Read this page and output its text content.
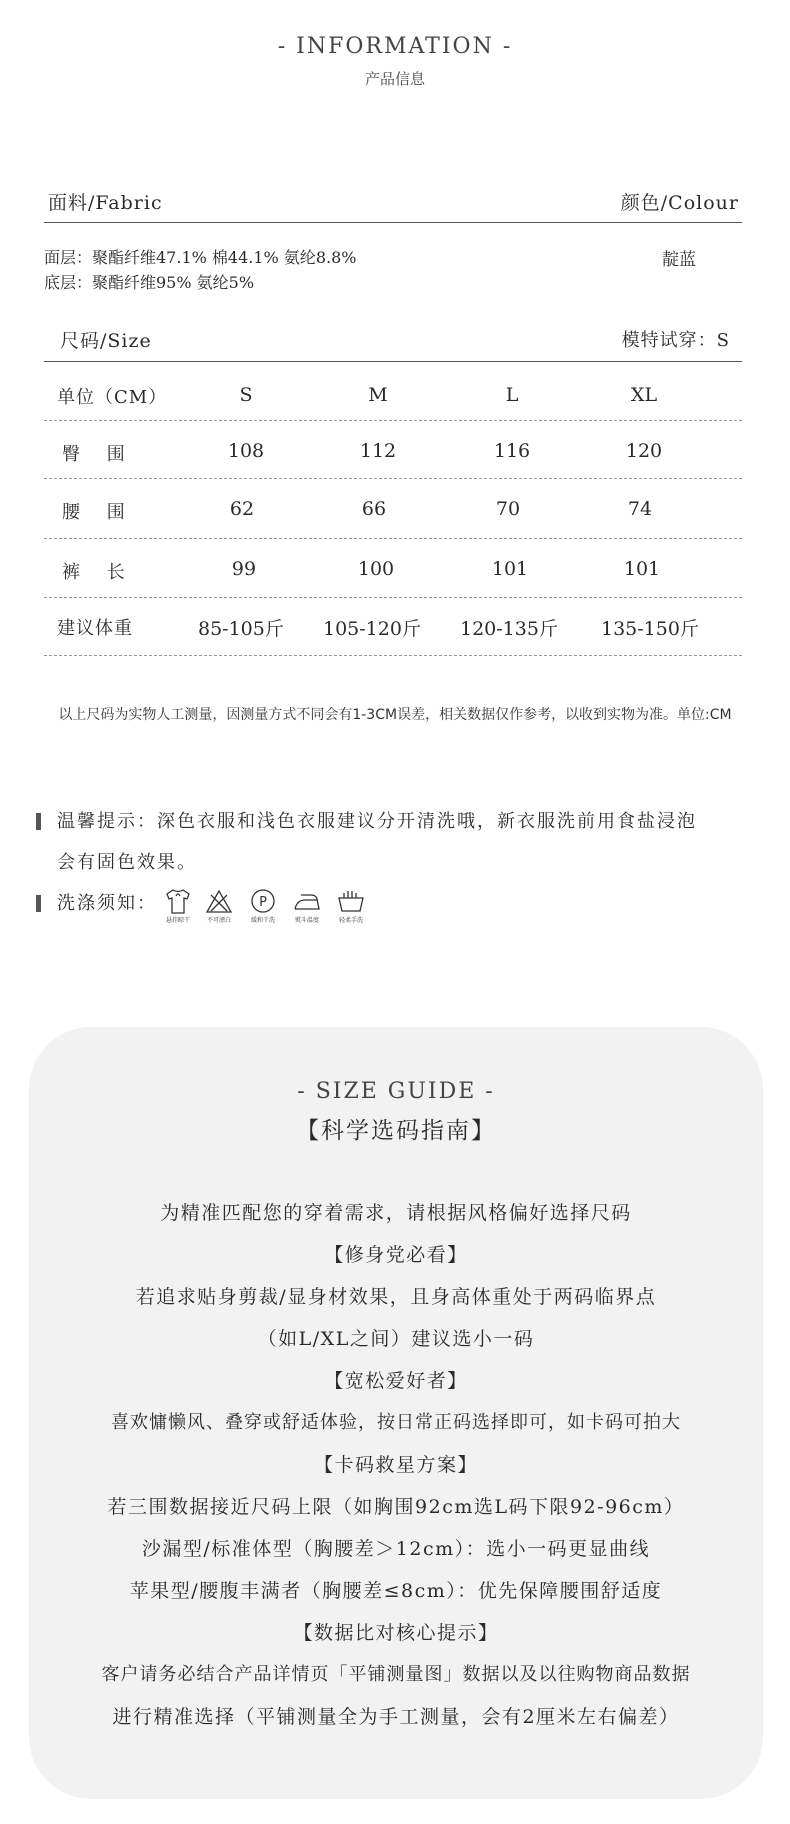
- INFORMATION -
产品信息
面料/Fabric	颜色/Colour
面层：聚酯纤维47.1% 棉44.1% 氨纶8.8%
底层：聚酯纤维95% 氨纶5%
靛蓝
尺码/Size	模特试穿：S
单位（CM）	S	M	L	XL
臀　 围	108	112	116	120
腰　 围	62	66	70	74
裤　 长	99	100	101	101
建议体重	85-105斤 105-120斤 120-135斤 135-150斤
以上尺码为实物人工测量，因测量方式不同会有1-3CM误差，相关数据仅作参考，以收到实物为准。单位:CM
温馨提示：深色衣服和浅色衣服建议分开清洗哦，新衣服洗前用食盐浸泡
会有固色效果。
洗涤须知：
悬挂晾干	不可漂白
P
缓和干洗	熨斗温度	轻柔手洗
- SIZE GUIDE -
【科学选码指南】
为精准匹配您的穿着需求，请根据风格偏好选择尺码
【修身党必看】
若追求贴身剪裁/显身材效果，且身高体重处于两码临界点
（如L/XL之间）建议选小一码
【宽松爱好者】
喜欢慵懒风、叠穿或舒适体验，按日常正码选择即可，如卡码可拍大
【卡码救星方案】
若三围数据接近尺码上限（如胸围92cm选L码下限92-96cm）
沙漏型/标准体型（胸腰差＞12cm）：选小一码更显曲线
苹果型/腰腹丰满者（胸腰差≤8cm）：优先保障腰围舒适度
【数据比对核心提示】
客户请务必结合产品详情页「平铺测量图」数据以及以往购物商品数据
进行精准选择（平铺测量全为手工测量，会有2厘米左右偏差）
